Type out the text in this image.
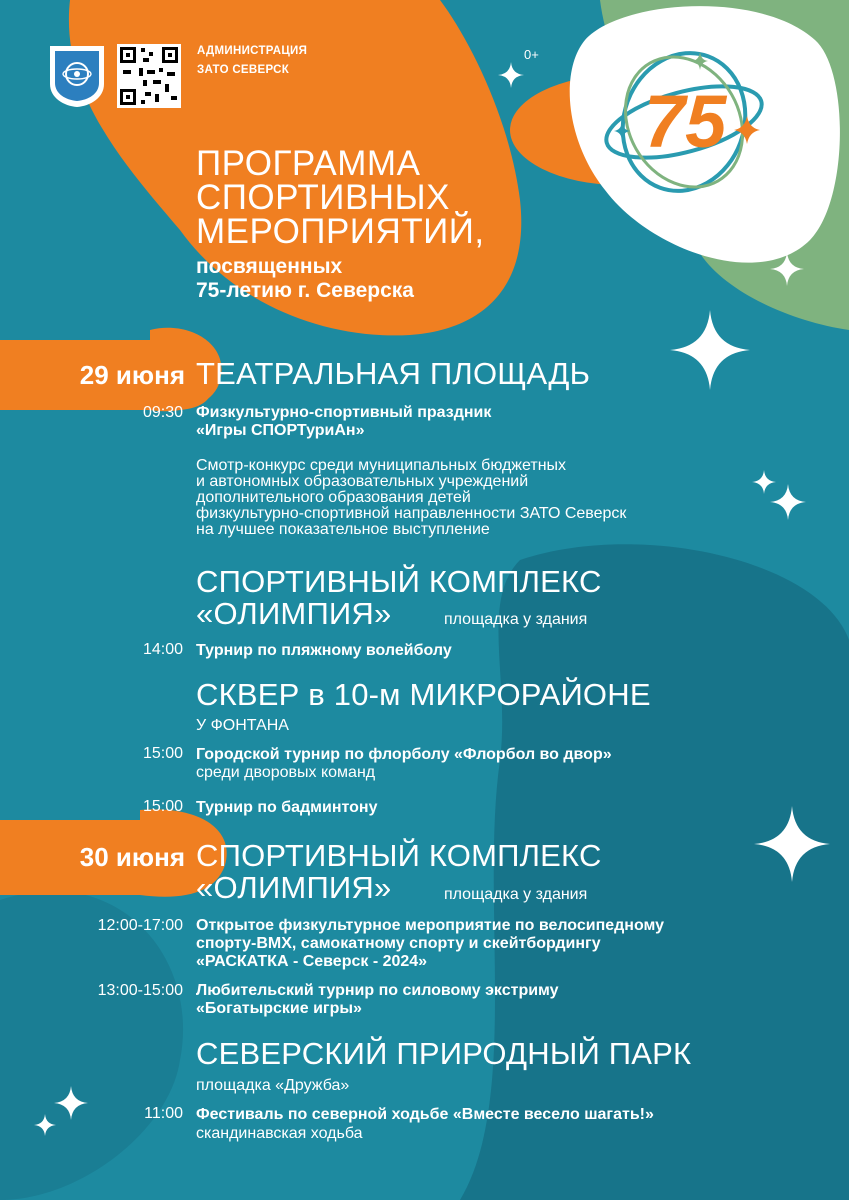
АДМИНИСТРАЦИЯ
ЗАТО СЕВЕРСК
0+
75
ПРОГРАММА
СПОРТИВНЫХ
МЕРОПРИЯТИЙ,
посвященных
75-летию г. Северска
29 июня ТЕАТРАЛЬНАЯ ПЛОЩАДЬ
09:30 Физкультурно-спортивный праздник
«Игры СПОРТуриАн»
Смотр-конкурс среди муниципальных бюджетных
и автономных образовательных учреждений
дополнительного образования детей
физкультурно-спортивной направленности ЗАТО Северск
на лучшее показательное выступление
СПОРТИВНЫЙ КОМПЛЕКС
«ОЛИМПИЯ»	площадка у здания
14:00 Турнир по пляжному волейболу
СКВЕР в 10-м МИКРОРАЙОНЕ
У ФОНТАНА
15:00 Городской турнир по флорболу «Флорбол во двор»
среди дворовых команд
15:00 Турнир по бадминтону
30 июня СПОРТИВНЫЙ КОМПЛЕКС
«ОЛИМПИЯ»	площадка у здания
12:00-17:00 Открытое физкультурное мероприятие по велосипедному
спорту-ВМХ, самокатному спорту и скейтбордингу
«РАСКАТКА - Северск - 2024»
13:00-15:00 Любительский турнир по силовому экстриму
«Богатырские игры»
СЕВЕРСКИЙ ПРИРОДНЫЙ ПАРК
площадка «Дружба»
11:00 Фестиваль по северной ходьбе «Вместе весело шагать!»
скандинавская ходьба
